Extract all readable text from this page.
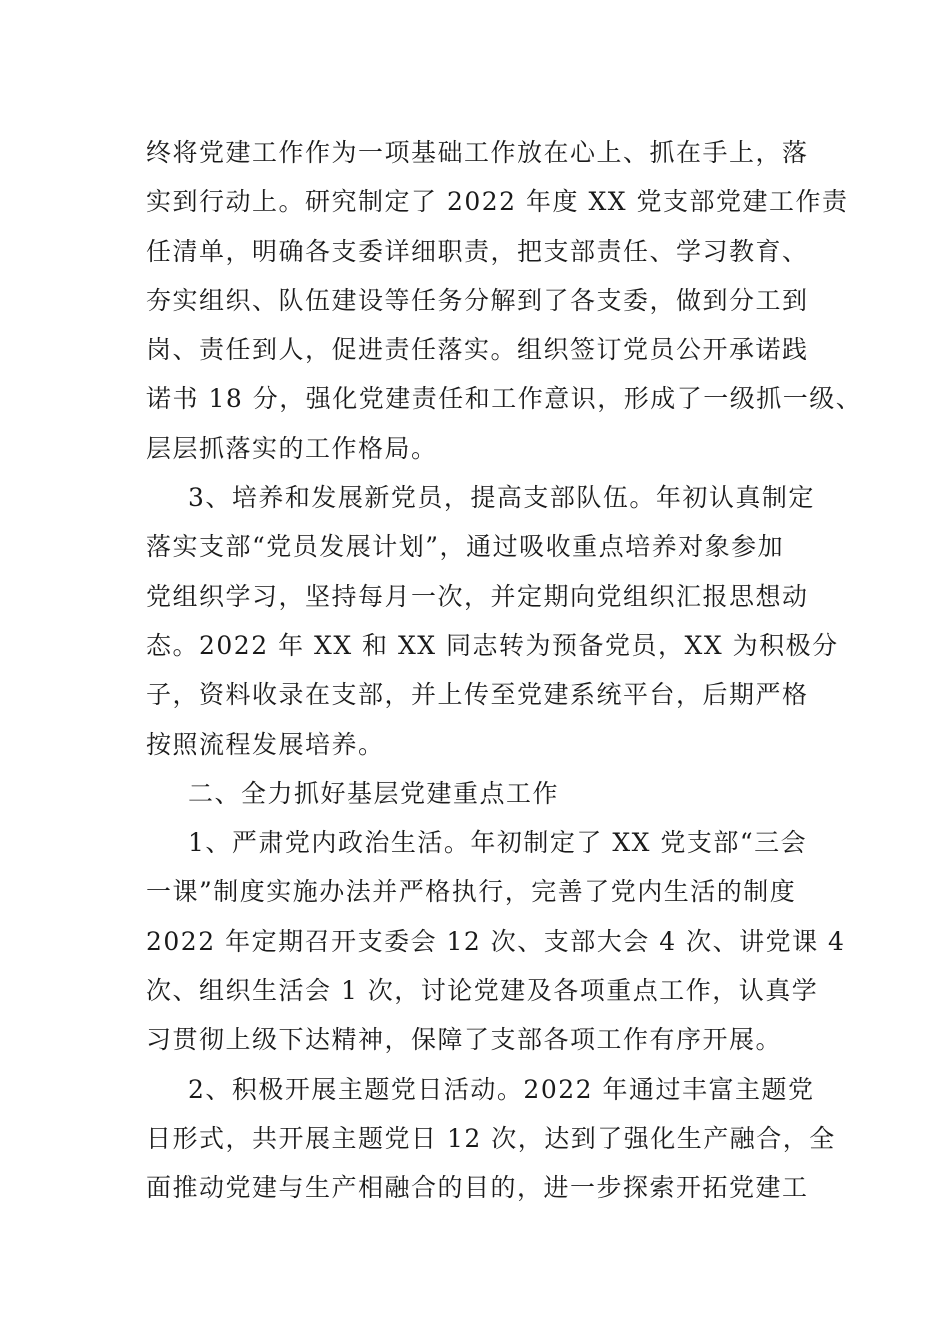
终将党建工作作为一项基础工作放在心上、抓在手上，落
实到行动上。研究制定了 2022 年度 XX 党支部党建工作责
任清单，明确各支委详细职责，把支部责任、学习教育、
夯实组织、队伍建设等任务分解到了各支委，做到分工到
岗、责任到人，促进责任落实。组织签订党员公开承诺践
诺书 18 分，强化党建责任和工作意识，形成了一级抓一级、
层层抓落实的工作格局。
3、培养和发展新党员，提高支部队伍。年初认真制定
落实支部“党员发展计划”，通过吸收重点培养对象参加
党组织学习，坚持每月一次，并定期向党组织汇报思想动
态。2022 年 XX 和 XX 同志转为预备党员，XX 为积极分
子，资料收录在支部，并上传至党建系统平台，后期严格
按照流程发展培养。
二、全力抓好基层党建重点工作
1、严肃党内政治生活。年初制定了 XX 党支部“三会
一课”制度实施办法并严格执行，完善了党内生活的制度
2022 年定期召开支委会 12 次、支部大会 4 次、讲党课 4
次、组织生活会 1 次，讨论党建及各项重点工作，认真学
习贯彻上级下达精神，保障了支部各项工作有序开展。
2、积极开展主题党日活动。2022 年通过丰富主题党
日形式，共开展主题党日 12 次，达到了强化生产融合，全
面推动党建与生产相融合的目的，进一步探索开拓党建工
